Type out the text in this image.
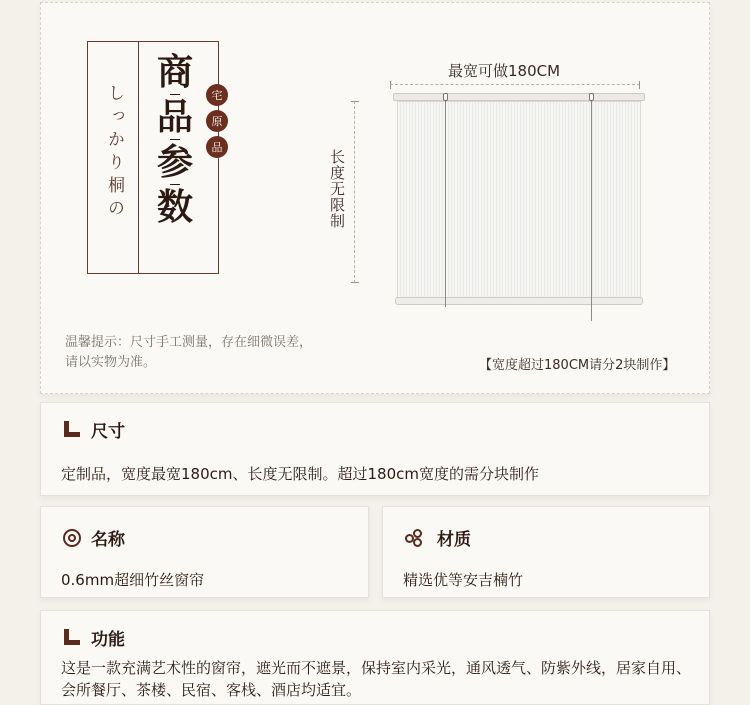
しっかり桐の
商
品
参
数
宅
原
品
最宽可做180CM
长度无限制
温馨提示：尺寸手工测量，存在细微误差，请以实物为准。	【宽度超过180CM请分2块制作】
尺寸
定制品，宽度最宽180cm、长度无限制。超过180cm宽度的需分块制作
名称
0.6mm超细竹丝窗帘
材质
精选优等安吉楠竹
功能
这是一款充满艺术性的窗帘，遮光而不遮景，保持室内采光，通风透气、防紫外线，居家自用、会所餐厅、茶楼、民宿、客栈、酒店均适宜。
